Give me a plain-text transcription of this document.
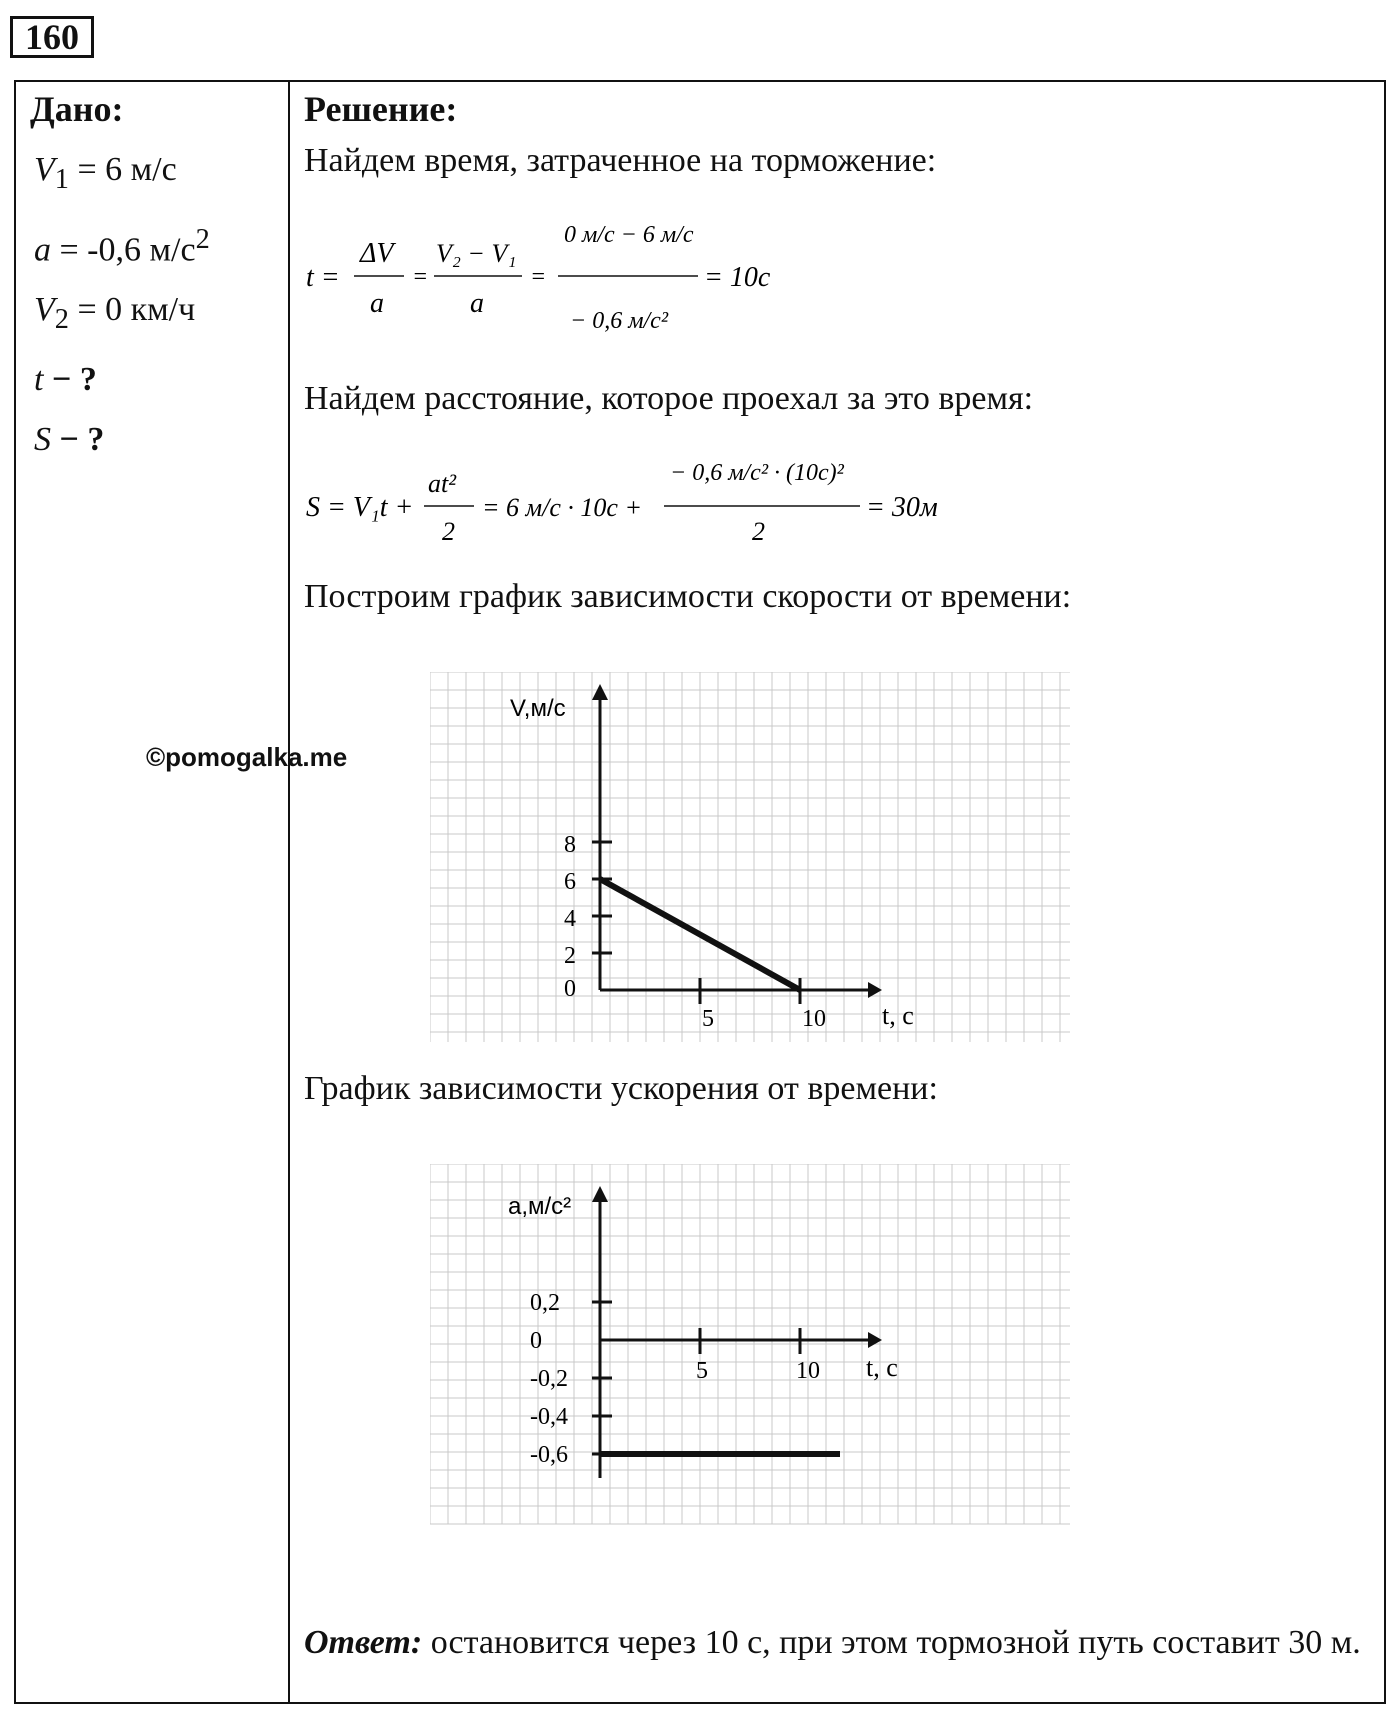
160
Дано:
$V_1 = 6$ м/с
a = -0,6 $м/с^2$
$V_2 = 0$ км/ч
t − ?
S − ?
©pomogalka.me
Решение:
Найдем время, затраченное на торможение:
t =
ΔV
a
=
V₂ − V₁
a
=
0 м/с − 6 м/с
− 0,6 м/с²
= 10с
Найдем расстояние, которое проехал за это время:
S = V₁t +
at²
2
= 6 м/с · 10с +
− 0,6 м/с² · (10с)²
2
= 30м
Построим график зависимости скорости от времени:
V,м/с
t, с
0
2
4
6
8
5	10
График зависимости ускорения от времени:
a,м/с²
t, с
0,2
0
-0,2
-0,4
-0,6
5	10
Ответ: остановится через 10 с, при этом тормозной путь составит 30 м.
